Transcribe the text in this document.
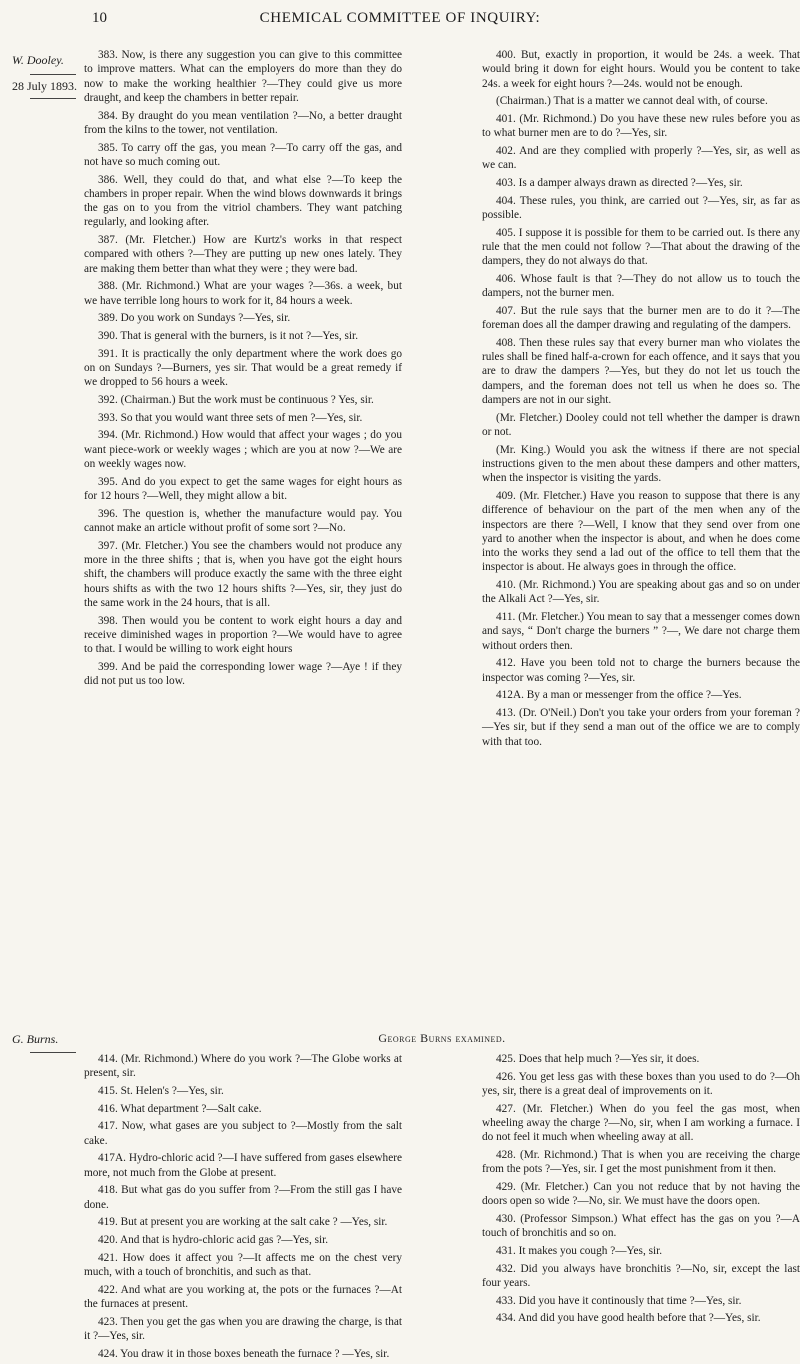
10	CHEMICAL COMMITTEE OF INQUIRY:
W. Dooley.
28 July 1893.

383. Now, is there any suggestion you can give to this committee to improve matters. What can the employers do more than they do now to make the working healthier ?—They could give us more draught, and keep the chambers in better repair.

384. By draught do you mean ventilation ?—No, a better draught from the kilns to the tower, not ventilation.

385. To carry off the gas, you mean ?—To carry off the gas, and not have so much coming out.

386. Well, they could do that, and what else ?—To keep the chambers in proper repair. When the wind blows downwards it brings the gas on to you from the vitriol chambers. They want patching regularly, and looking after.

387. (Mr. Fletcher.) How are Kurtz's works in that respect compared with others ?—They are putting up new ones lately. They are making them better than what they were ; they were bad.

388. (Mr. Richmond.) What are your wages ?—36s. a week, but we have terrible long hours to work for it, 84 hours a week.

389. Do you work on Sundays ?—Yes, sir.

390. That is general with the burners, is it not ?—Yes, sir.

391. It is practically the only department where the work does go on on Sundays ?—Burners, yes sir. That would be a great remedy if we dropped to 56 hours a week.

392. (Chairman.) But the work must be continuous ? Yes, sir.

393. So that you would want three sets of men ?—Yes, sir.

394. (Mr. Richmond.) How would that affect your wages ; do you want piece-work or weekly wages ; which are you at now ?—We are on weekly wages now.

395. And do you expect to get the same wages for eight hours as for 12 hours ?—Well, they might allow a bit.

396. The question is, whether the manufacture would pay. You cannot make an article without profit of some sort ?—No.

397. (Mr. Fletcher.) You see the chambers would not produce any more in the three shifts ; that is, when you have got the eight hours shift, the chambers will produce exactly the same with the three eight hours shifts as with the two 12 hours shifts ?—Yes, sir, they just do the same work in the 24 hours, that is all.

398. Then would you be content to work eight hours a day and receive diminished wages in proportion ?—We would have to agree to that. I would be willing to work eight hours

399. And be paid the corresponding lower wage ?—Aye ! if they did not put us too low.

400. But, exactly in proportion, it would be 24s. a week. That would bring it down for eight hours. Would you be content to take 24s. a week for eight hours ?—24s. would not be enough.

(Chairman.) That is a matter we cannot deal with, of course.

401. (Mr. Richmond.) Do you have these new rules before you as to what burner men are to do ?—Yes, sir.

402. And are they complied with properly ?—Yes, sir, as well as we can.

403. Is a damper always drawn as directed ?—Yes, sir.

404. These rules, you think, are carried out ?—Yes, sir, as far as possible.

405. I suppose it is possible for them to be carried out. Is there any rule that the men could not follow ?—That about the drawing of the dampers, they do not always do that.

406. Whose fault is that ?—They do not allow us to touch the dampers, not the burner men.

407. But the rule says that the burner men are to do it ?—The foreman does all the damper drawing and regulating of the dampers.

408. Then these rules say that every burner man who violates the rules shall be fined half-a-crown for each offence, and it says that you are to draw the dampers ?—Yes, but they do not let us touch the dampers, and the foreman does not tell us when he does so. The dampers are not in our sight.

(Mr. Fletcher.) Dooley could not tell whether the damper is drawn or not.

(Mr. King.) Would you ask the witness if there are not special instructions given to the men about these dampers and other matters, when the inspector is visiting the yards.

409. (Mr. Fletcher.) Have you reason to suppose that there is any difference of behaviour on the part of the men when any of the inspectors are there ?—Well, I know that they send over from one yard to another when the inspector is about, and when he does come into the works they send a lad out of the office to tell them that the inspector is about. He always goes in through the office.

410. (Mr. Richmond.) You are speaking about gas and so on under the Alkali Act ?—Yes, sir.

411. (Mr. Fletcher.) You mean to say that a messenger comes down and says, “ Don't charge the burners ” ?—, We dare not charge them without orders then.

412. Have you been told not to charge the burners because the inspector was coming ?—Yes, sir.

412A. By a man or messenger from the office ?—Yes.

413. (Dr. O'Neil.) Don't you take your orders from your foreman ?—Yes sir, but if they send a man out of the office we are to comply with that too.

G. Burns.	George Burns examined.

414. (Mr. Richmond.) Where do you work ?—The Globe works at present, sir.

415. St. Helen's ?—Yes, sir.

416. What department ?—Salt cake.

417. Now, what gases are you subject to ?—Mostly from the salt cake.

417A. Hydro-chloric acid ?—I have suffered from gases elsewhere more, not much from the Globe at present.

418. But what gas do you suffer from ?—From the still gas I have done.

419. But at present you are working at the salt cake ? —Yes, sir.

420. And that is hydro-chloric acid gas ?—Yes, sir.

421. How does it affect you ?—It affects me on the chest very much, with a touch of bronchitis, and such as that.

422. And what are you working at, the pots or the furnaces ?—At the furnaces at present.

423. Then you get the gas when you are drawing the charge, is that it ?—Yes, sir.

424. You draw it in those boxes beneath the furnace ? —Yes, sir.

425. Does that help much ?—Yes sir, it does.

426. You get less gas with these boxes than you used to do ?—Oh yes, sir, there is a great deal of improvements on it.

427. (Mr. Fletcher.) When do you feel the gas most, when wheeling away the charge ?—No, sir, when I am working a furnace. I do not feel it much when wheeling away at all.

428. (Mr. Richmond.) That is when you are receiving the charge from the pots ?—Yes, sir. I get the most punishment from it then.

429. (Mr. Fletcher.) Can you not reduce that by not having the doors open so wide ?—No, sir. We must have the doors open.

430. (Professor Simpson.) What effect has the gas on you ?—A touch of bronchitis and so on.

431. It makes you cough ?—Yes, sir.

432. Did you always have bronchitis ?—No, sir, except the last four years.

433. Did you have it continously that time ?—Yes, sir.

434. And did you have good health before that ?—Yes, sir.
